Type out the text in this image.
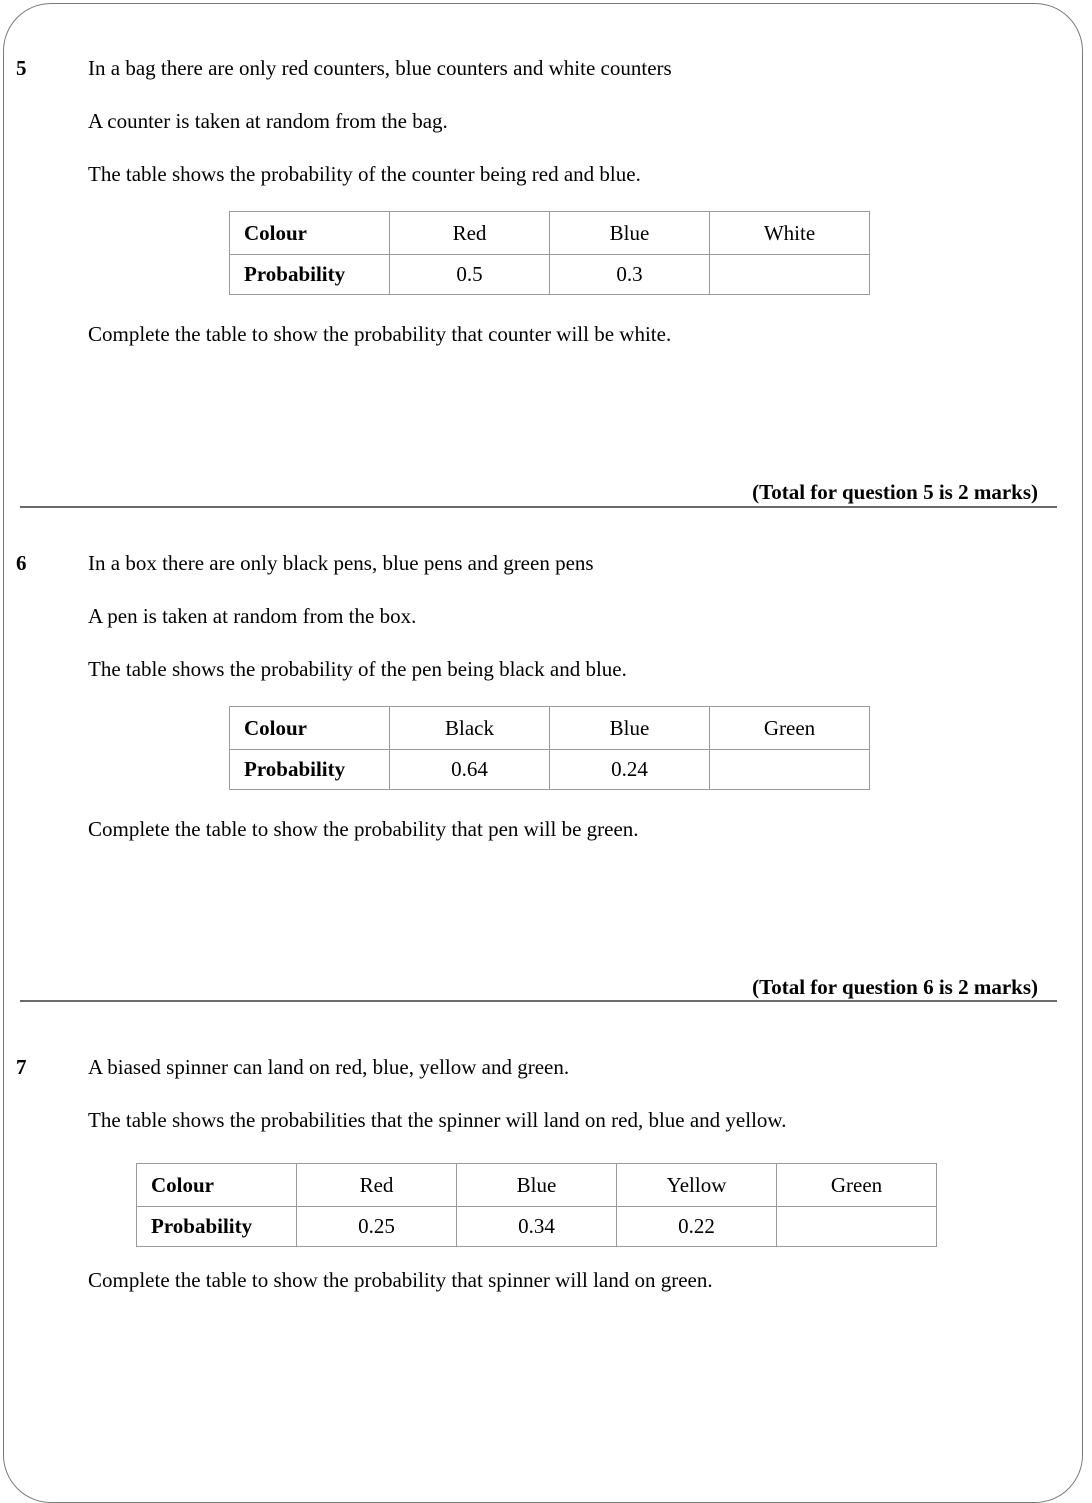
5	In a bag there are only red counters, blue counters and white counters
A counter is taken at random from the bag.
The table shows the probability of the counter being red and blue.
Colour	Red	Blue	White
Probability	0.5	0.3	
Complete the table to show the probability that counter will be white.
(Total for question 5 is 2 marks)
6	In a box there are only black pens, blue pens and green pens
A pen is taken at random from the box.
The table shows the probability of the pen being black and blue.
Colour	Black	Blue	Green
Probability	0.64	0.24	
Complete the table to show the probability that pen will be green.
(Total for question 6 is 2 marks)
7	A biased spinner can land on red, blue, yellow and green.
The table shows the probabilities that the spinner will land on red, blue and yellow.
Colour	Red	Blue	Yellow	Green
Probability	0.25	0.34	0.22	
Complete the table to show the probability that spinner will land on green.
